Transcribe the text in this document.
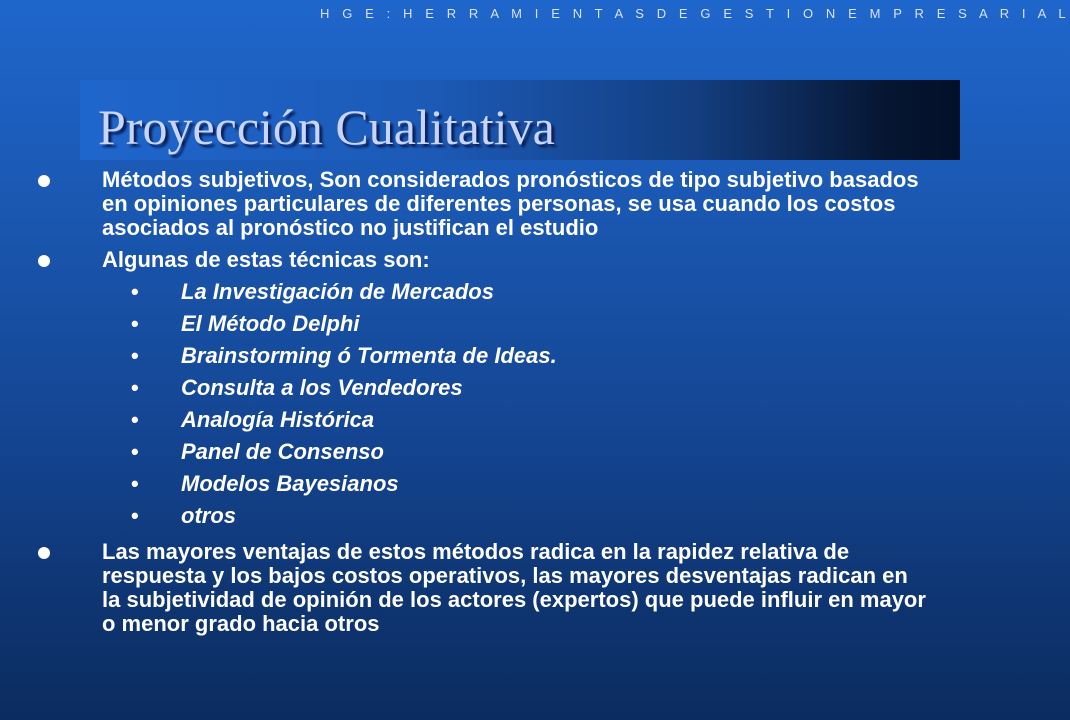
H G E : H E R R A M I E N T A S D E G E S T I O N E M P R E S A R I A L
Proyección Cualitativa
Métodos subjetivos, Son considerados pronósticos de tipo subjetivo basados en opiniones particulares de diferentes personas, se usa cuando los costos asociados al pronóstico no justifican el estudio
Algunas de estas técnicas son:
• La Investigación de Mercados
• El Método Delphi
• Brainstorming ó Tormenta de Ideas.
• Consulta a los Vendedores
• Analogía Histórica
• Panel de Consenso
• Modelos Bayesianos
• otros
Las mayores ventajas de estos métodos radica en la rapidez relativa de respuesta y los bajos costos operativos, las mayores desventajas radican en la subjetividad de opinión de los actores (expertos) que puede influir en mayor o menor grado hacia otros
